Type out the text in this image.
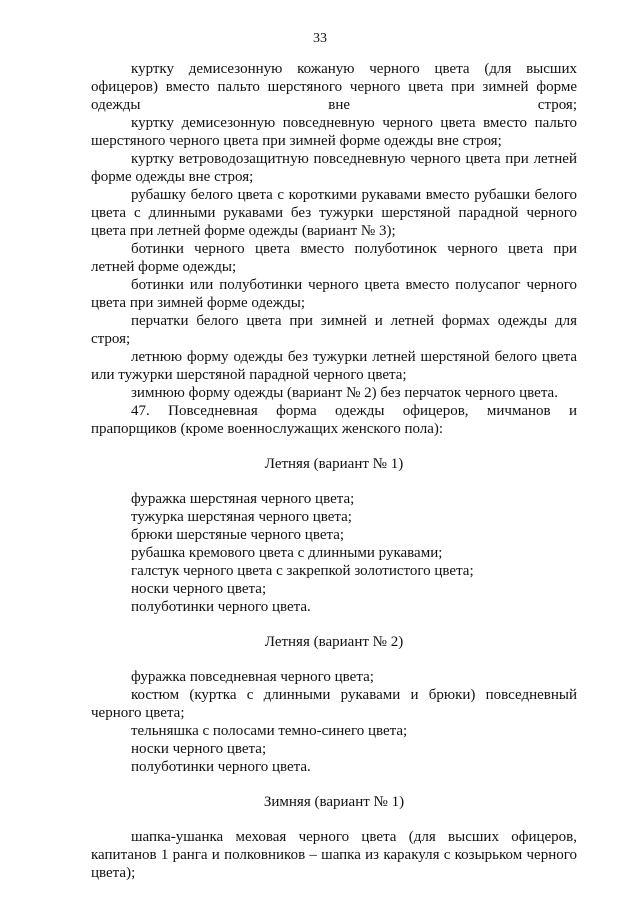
33

куртку демисезонную кожаную черного цвета (для высших офицеров) вместо пальто шерстяного черного цвета при зимней форме одежды вне строя;

куртку демисезонную повседневную черного цвета вместо пальто шерстяного черного цвета при зимней форме одежды вне строя;

куртку ветроводозащитную повседневную черного цвета при летней форме одежды вне строя;

рубашку белого цвета с короткими рукавами вместо рубашки белого цвета с длинными рукавами без тужурки шерстяной парадной черного цвета при летней форме одежды (вариант № 3);

ботинки черного цвета вместо полуботинок черного цвета при летней форме одежды;

ботинки или полуботинки черного цвета вместо полусапог черного цвета при зимней форме одежды;

перчатки белого цвета при зимней и летней формах одежды для строя;

летнюю форму одежды без тужурки летней шерстяной белого цвета или тужурки шерстяной парадной черного цвета;

зимнюю форму одежды (вариант № 2) без перчаток черного цвета.

47. Повседневная форма одежды офицеров, мичманов и прапорщиков (кроме военнослужащих женского пола):

Летняя (вариант № 1)

фуражка шерстяная черного цвета;

тужурка шерстяная черного цвета;

брюки шерстяные черного цвета;

рубашка кремового цвета с длинными рукавами;

галстук черного цвета с закрепкой золотистого цвета;

носки черного цвета;

полуботинки черного цвета.

Летняя (вариант № 2)

фуражка повседневная черного цвета;

костюм (куртка с длинными рукавами и брюки) повседневный черного цвета;

тельняшка с полосами темно-синего цвета;

носки черного цвета;

полуботинки черного цвета.

Зимняя (вариант № 1)

шапка-ушанка меховая черного цвета (для высших офицеров, капитанов 1 ранга и полковников – шапка из каракуля с козырьком черного цвета);
